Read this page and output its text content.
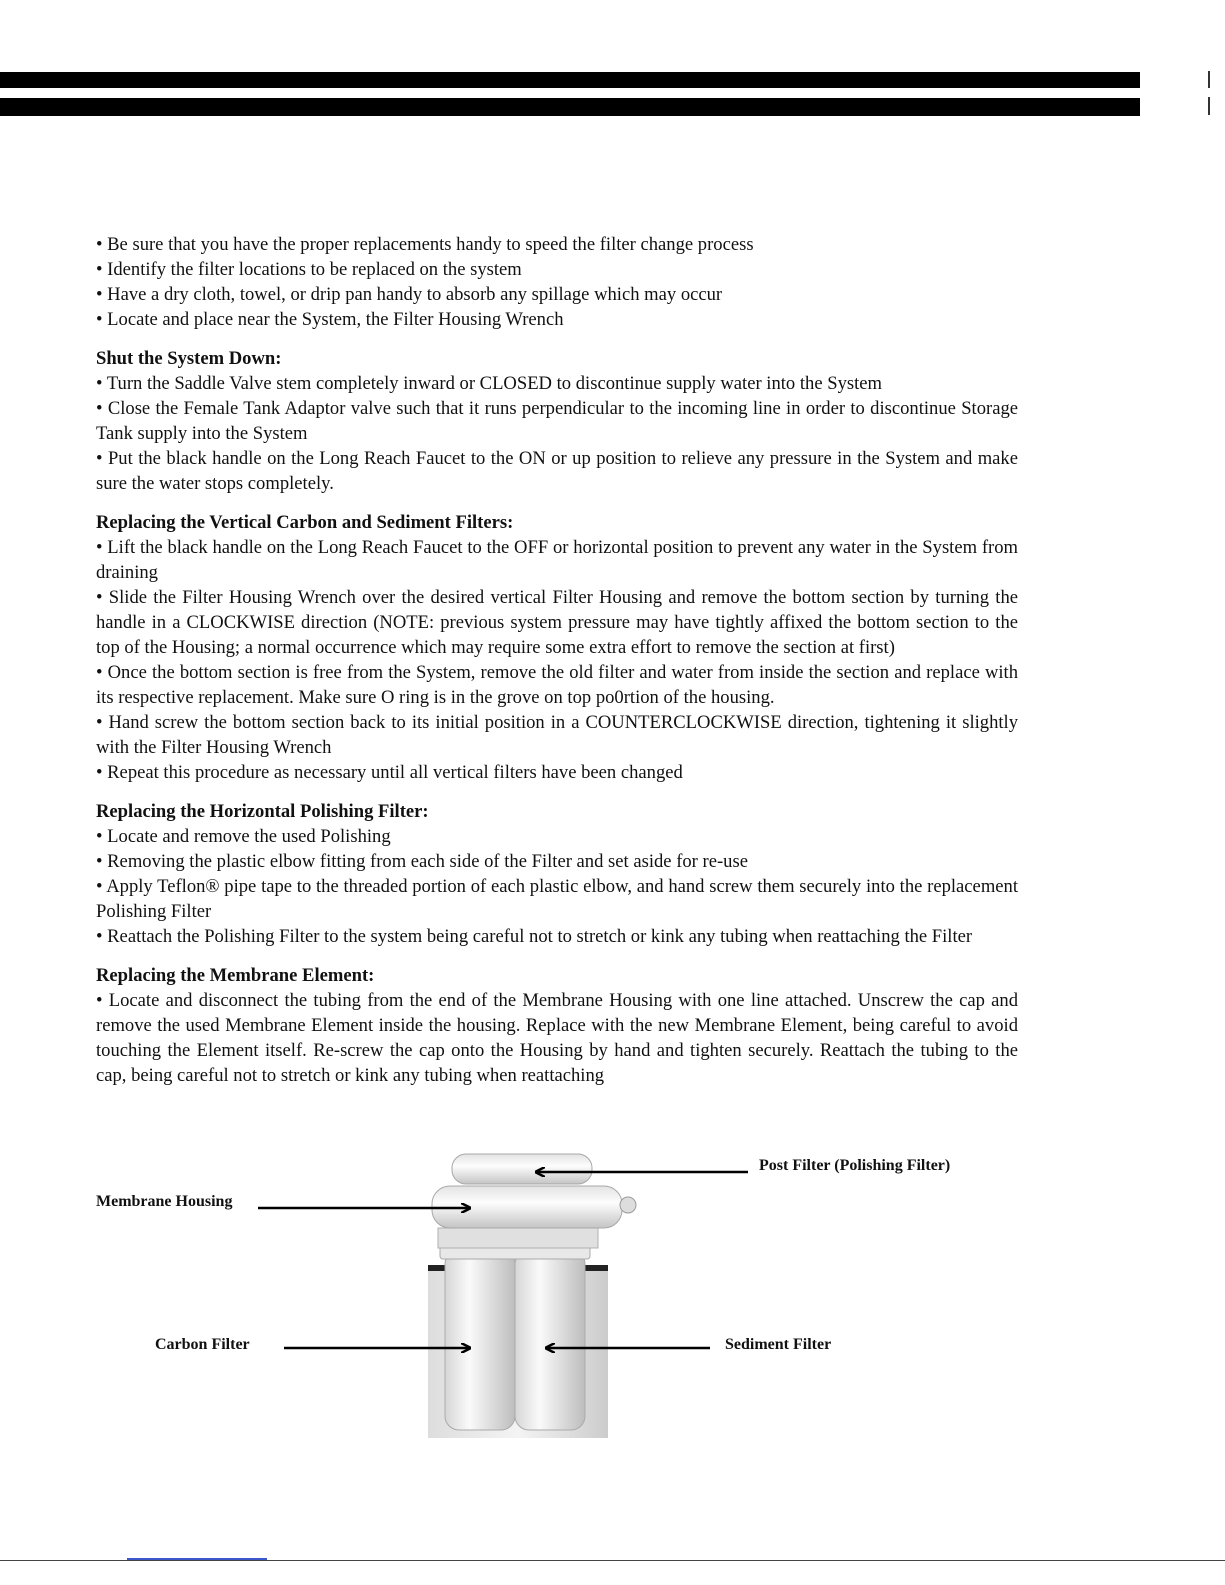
• Be sure that you have the proper replacements handy to speed the filter change process

• Identify the filter locations to be replaced on the system

• Have a dry cloth, towel, or drip pan handy to absorb any spillage which may occur

• Locate and place near the System, the Filter Housing Wrench

Shut the System Down:

• Turn the Saddle Valve stem completely inward or CLOSED to discontinue supply water into the System

• Close the Female Tank Adaptor valve such that it runs perpendicular to the incoming line in order to discontinue Storage Tank supply into the System

• Put the black handle on the Long Reach Faucet to the ON or up position to relieve any pressure in the System and make sure the water stops completely.

Replacing the Vertical Carbon and Sediment Filters:

• Lift the black handle on the Long Reach Faucet to the OFF or horizontal position to prevent any water in the System from draining

• Slide the Filter Housing Wrench over the desired vertical Filter Housing and remove the bottom section by turning the handle in a CLOCKWISE direction (NOTE: previous system pressure may have tightly affixed the bottom section to the top of the Housing; a normal occurrence which may require some extra effort to remove the section at first)

• Once the bottom section is free from the System, remove the old filter and water from inside the section and replace with its respective replacement. Make sure O ring is in the grove on top po0rtion of the housing.

• Hand screw the bottom section back to its initial position in a COUNTERCLOCKWISE direction, tightening it slightly with the Filter Housing Wrench

• Repeat this procedure as necessary until all vertical filters have been changed

Replacing the Horizontal Polishing Filter:

• Locate and remove the used Polishing

• Removing the plastic elbow fitting from each side of the Filter and set aside for re-use

• Apply Teflon® pipe tape to the threaded portion of each plastic elbow, and hand screw them securely into the replacement Polishing Filter

• Reattach the Polishing Filter to the system being careful not to stretch or kink any tubing when reattaching the Filter

Replacing the Membrane Element:

• Locate and disconnect the tubing from the end of the Membrane Housing with one line attached. Unscrew the cap and remove the used Membrane Element inside the housing. Replace with the new Membrane Element, being careful to avoid touching the Element itself. Re-screw the cap onto the Housing by hand and tighten securely. Reattach the tubing to the cap, being careful not to stretch or kink any tubing when reattaching

Post Filter (Polishing Filter)
Membrane Housing
Carbon Filter	Sediment Filter
